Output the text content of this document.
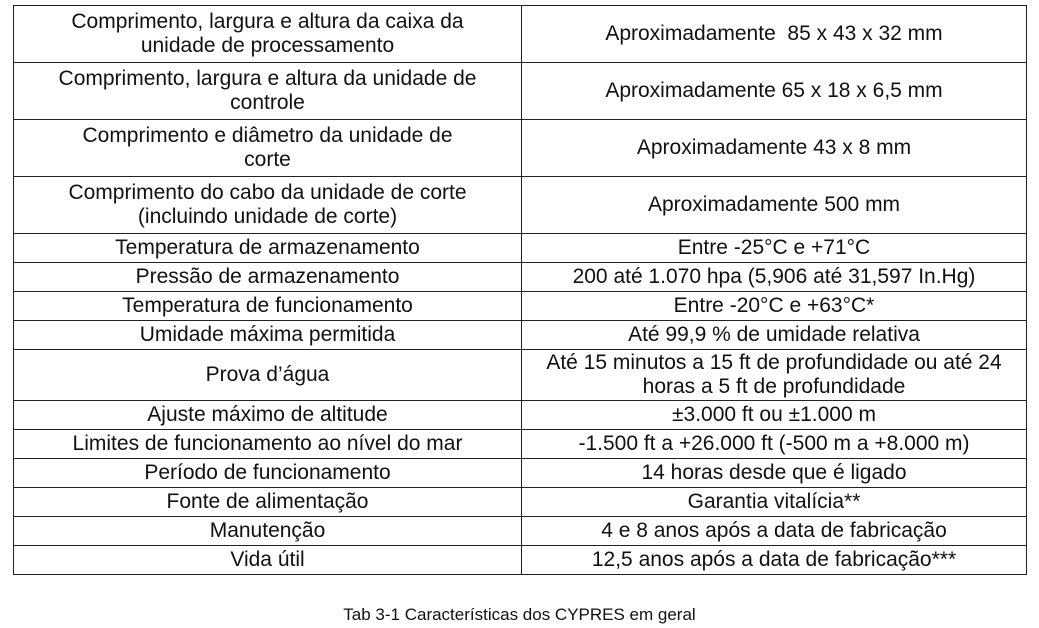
Comprimento, largura e altura da caixa da unidade de processamento	Aproximadamente  85 x 43 x 32 mm
Comprimento, largura e altura da unidade de controle	Aproximadamente 65 x 18 x 6,5 mm
Comprimento e diâmetro da unidade de corte	Aproximadamente 43 x 8 mm
Comprimento do cabo da unidade de corte (incluindo unidade de corte)	Aproximadamente 500 mm
Temperatura de armazenamento	Entre -25°C e +71°C
Pressão de armazenamento	200 até 1.070 hpa (5,906 até 31,597 In.Hg)
Temperatura de funcionamento	Entre -20°C e +63°C*
Umidade máxima permitida	Até 99,9 % de umidade relativa
Prova d’água	Até 15 minutos a 15 ft de profundidade ou até 24 horas a 5 ft de profundidade
Ajuste máximo de altitude	±3.000 ft ou ±1.000 m
Limites de funcionamento ao nível do mar	-1.500 ft a +26.000 ft (-500 m a +8.000 m)
Período de funcionamento	14 horas desde que é ligado
Fonte de alimentação	Garantia vitalícia**
Manutenção	4 e 8 anos após a data de fabricação
Vida útil	12,5 anos após a data de fabricação***
Tab 3-1 Características dos CYPRES em geral
